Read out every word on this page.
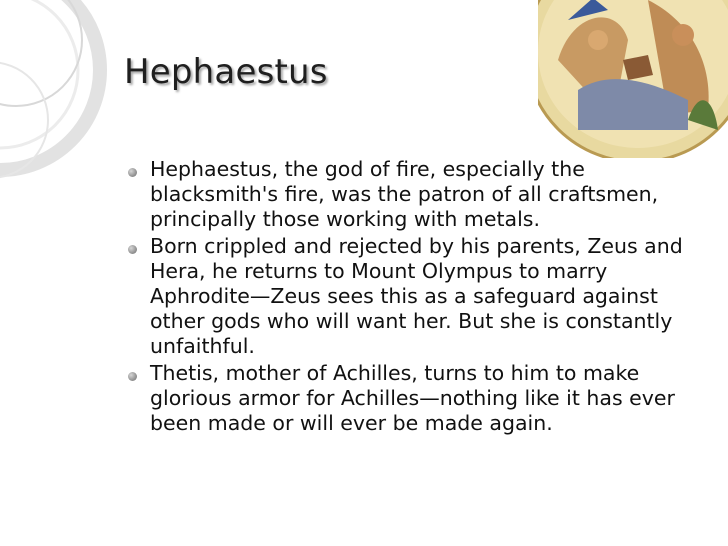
Hephaestus
Hephaestus, the god of fire, especially the blacksmith's fire, was the patron of all craftsmen, principally those working with metals.
Born crippled and rejected by his parents, Zeus and Hera, he returns to Mount Olympus to marry Aphrodite—Zeus sees this as a safeguard against other gods who will want her. But she is constantly unfaithful.
Thetis, mother of Achilles, turns to him to make glorious armor for Achilles—nothing like it has ever been made or will ever be made again.
